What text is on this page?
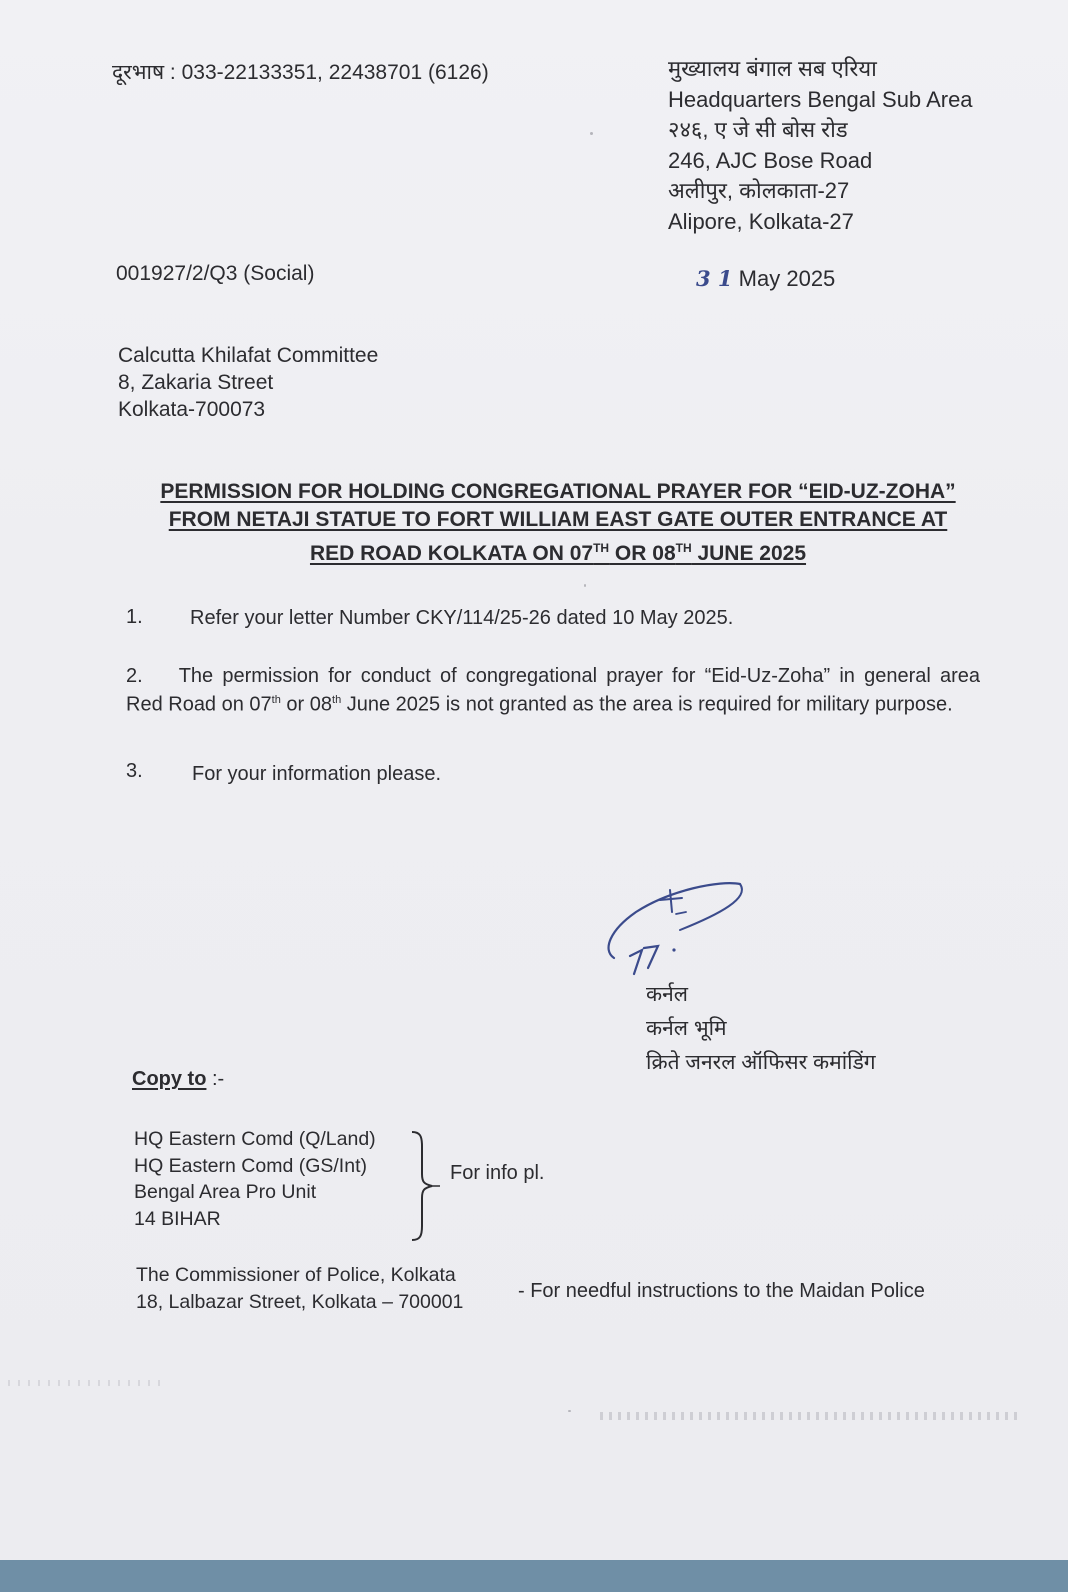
दूरभाष : 033-22133351, 22438701 (6126)	मुख्यालय बंगाल सब एरिया
Headquarters Bengal Sub Area
२४६, ए जे सी बोस रोड
246, AJC Bose Road
अलीपुर, कोलकाता-27
Alipore, Kolkata-27
001927/2/Q3 (Social)	3 1 May 2025
Calcutta Khilafat Committee
8, Zakaria Street
Kolkata-700073
PERMISSION FOR HOLDING CONGREGATIONAL PRAYER FOR “EID-UZ-ZOHA”
FROM NETAJI STATUE TO FORT WILLIAM EAST GATE OUTER ENTRANCE AT
RED ROAD KOLKATA ON 07TH OR 08TH JUNE 2025
1. Refer your letter Number CKY/114/25-26 dated 10 May 2025.
2. The permission for conduct of congregational prayer for “Eid-Uz-Zoha” in general area Red Road on 07th or 08th June 2025 is not granted as the area is required for military purpose.
3. For your information please.
कर्नल
कर्नल भूमि
क्रिते जनरल ऑफिसर कमांडिंग
Copy to :-
HQ Eastern Comd (Q/Land)
HQ Eastern Comd (GS/Int)
Bengal Area Pro Unit
14 BIHAR
For info pl.
The Commissioner of Police, Kolkata
18, Lalbazar Street, Kolkata – 700001	- For needful instructions to the Maidan Police
